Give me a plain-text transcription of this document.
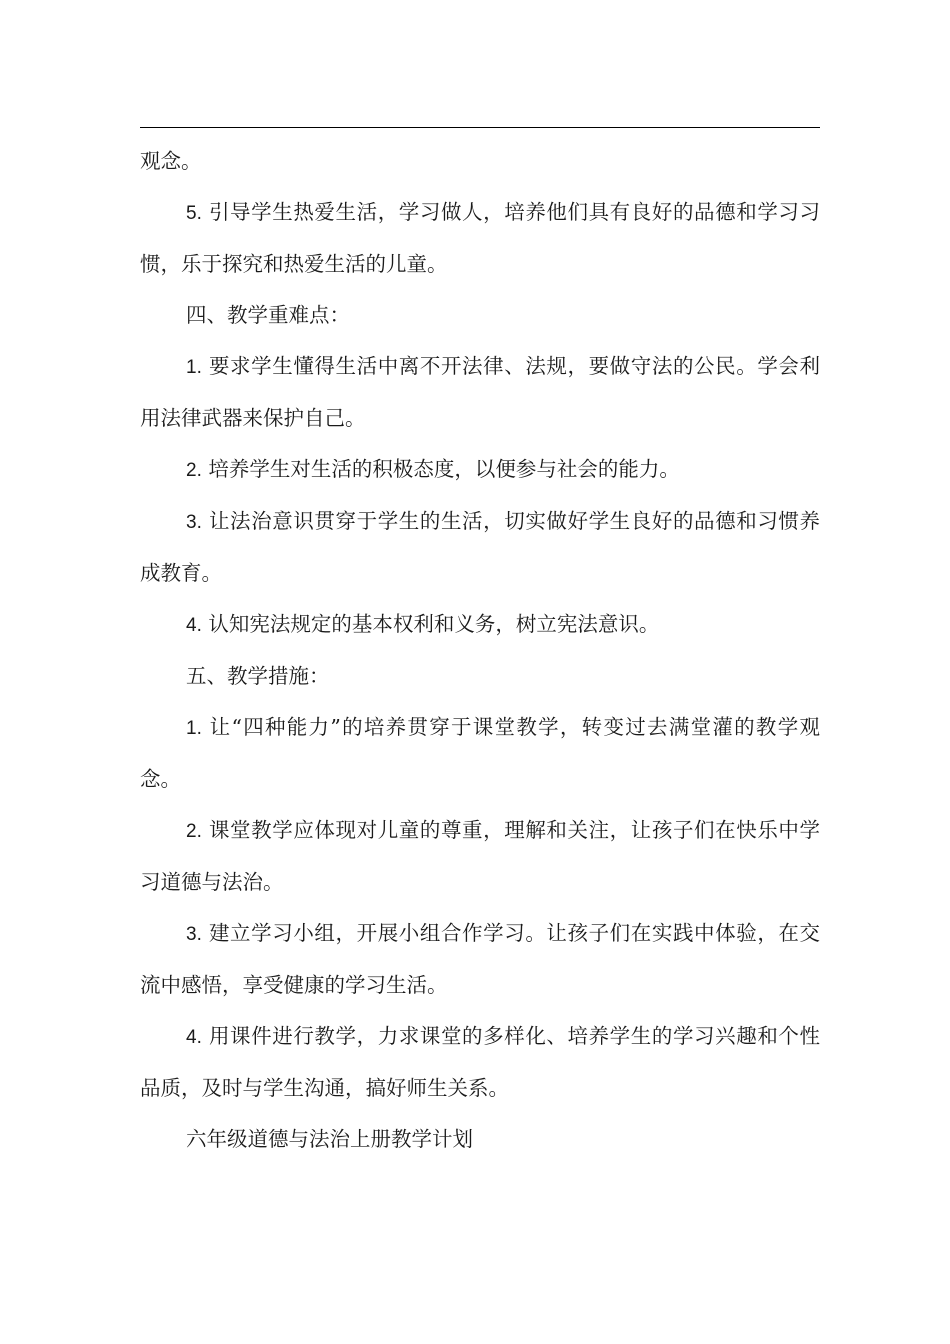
观念。

5. 引导学生热爱生活，学习做人，培养他们具有良好的品德和学习习惯，乐于探究和热爱生活的儿童。

四、教学重难点：

1. 要求学生懂得生活中离不开法律、法规，要做守法的公民。学会利用法律武器来保护自己。

2. 培养学生对生活的积极态度，以便参与社会的能力。

3. 让法治意识贯穿于学生的生活，切实做好学生良好的品德和习惯养成教育。

4. 认知宪法规定的基本权利和义务，树立宪法意识。

五、教学措施：

1. 让“四种能力”的培养贯穿于课堂教学，转变过去满堂灌的教学观念。

2. 课堂教学应体现对儿童的尊重，理解和关注，让孩子们在快乐中学习道德与法治。

3. 建立学习小组，开展小组合作学习。让孩子们在实践中体验，在交流中感悟，享受健康的学习生活。

4. 用课件进行教学，力求课堂的多样化、培养学生的学习兴趣和个性品质，及时与学生沟通，搞好师生关系。

六年级道德与法治上册教学计划
